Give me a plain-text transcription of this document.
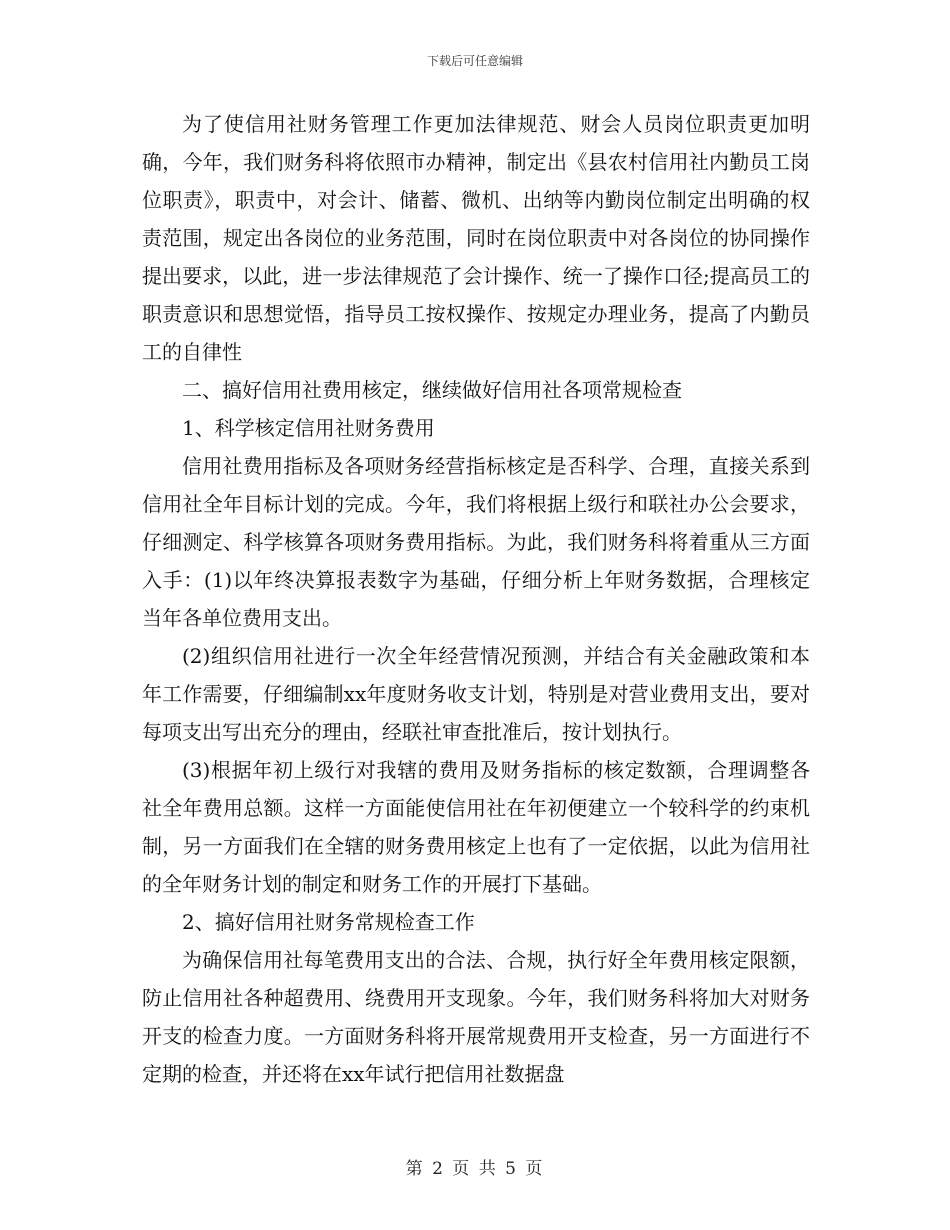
下载后可任意编辑

为了使信用社财务管理工作更加法律规范、财会人员岗位职责更加明确，今年，我们财务科将依照市办精神，制定出《县农村信用社内勤员工岗位职责》，职责中，对会计、储蓄、微机、出纳等内勤岗位制定出明确的权责范围，规定出各岗位的业务范围，同时在岗位职责中对各岗位的协同操作提出要求，以此，进一步法律规范了会计操作、统一了操作口径;提高员工的职责意识和思想觉悟，指导员工按权操作、按规定办理业务，提高了内勤员工的自律性

二、搞好信用社费用核定，继续做好信用社各项常规检查

1、科学核定信用社财务费用

信用社费用指标及各项财务经营指标核定是否科学、合理，直接关系到信用社全年目标计划的完成。今年，我们将根据上级行和联社办公会要求，仔细测定、科学核算各项财务费用指标。为此，我们财务科将着重从三方面入手：(1)以年终决算报表数字为基础，仔细分析上年财务数据，合理核定当年各单位费用支出。

(2)组织信用社进行一次全年经营情况预测，并结合有关金融政策和本年工作需要，仔细编制xx年度财务收支计划，特别是对营业费用支出，要对每项支出写出充分的理由，经联社审查批准后，按计划执行。

(3)根据年初上级行对我辖的费用及财务指标的核定数额，合理调整各社全年费用总额。这样一方面能使信用社在年初便建立一个较科学的约束机制，另一方面我们在全辖的财务费用核定上也有了一定依据，以此为信用社的全年财务计划的制定和财务工作的开展打下基础。

2、搞好信用社财务常规检查工作

为确保信用社每笔费用支出的合法、合规，执行好全年费用核定限额，防止信用社各种超费用、绕费用开支现象。今年，我们财务科将加大对财务开支的检查力度。一方面财务科将开展常规费用开支检查，另一方面进行不定期的检查，并还将在xx年试行把信用社数据盘

第 2 页 共 5 页
